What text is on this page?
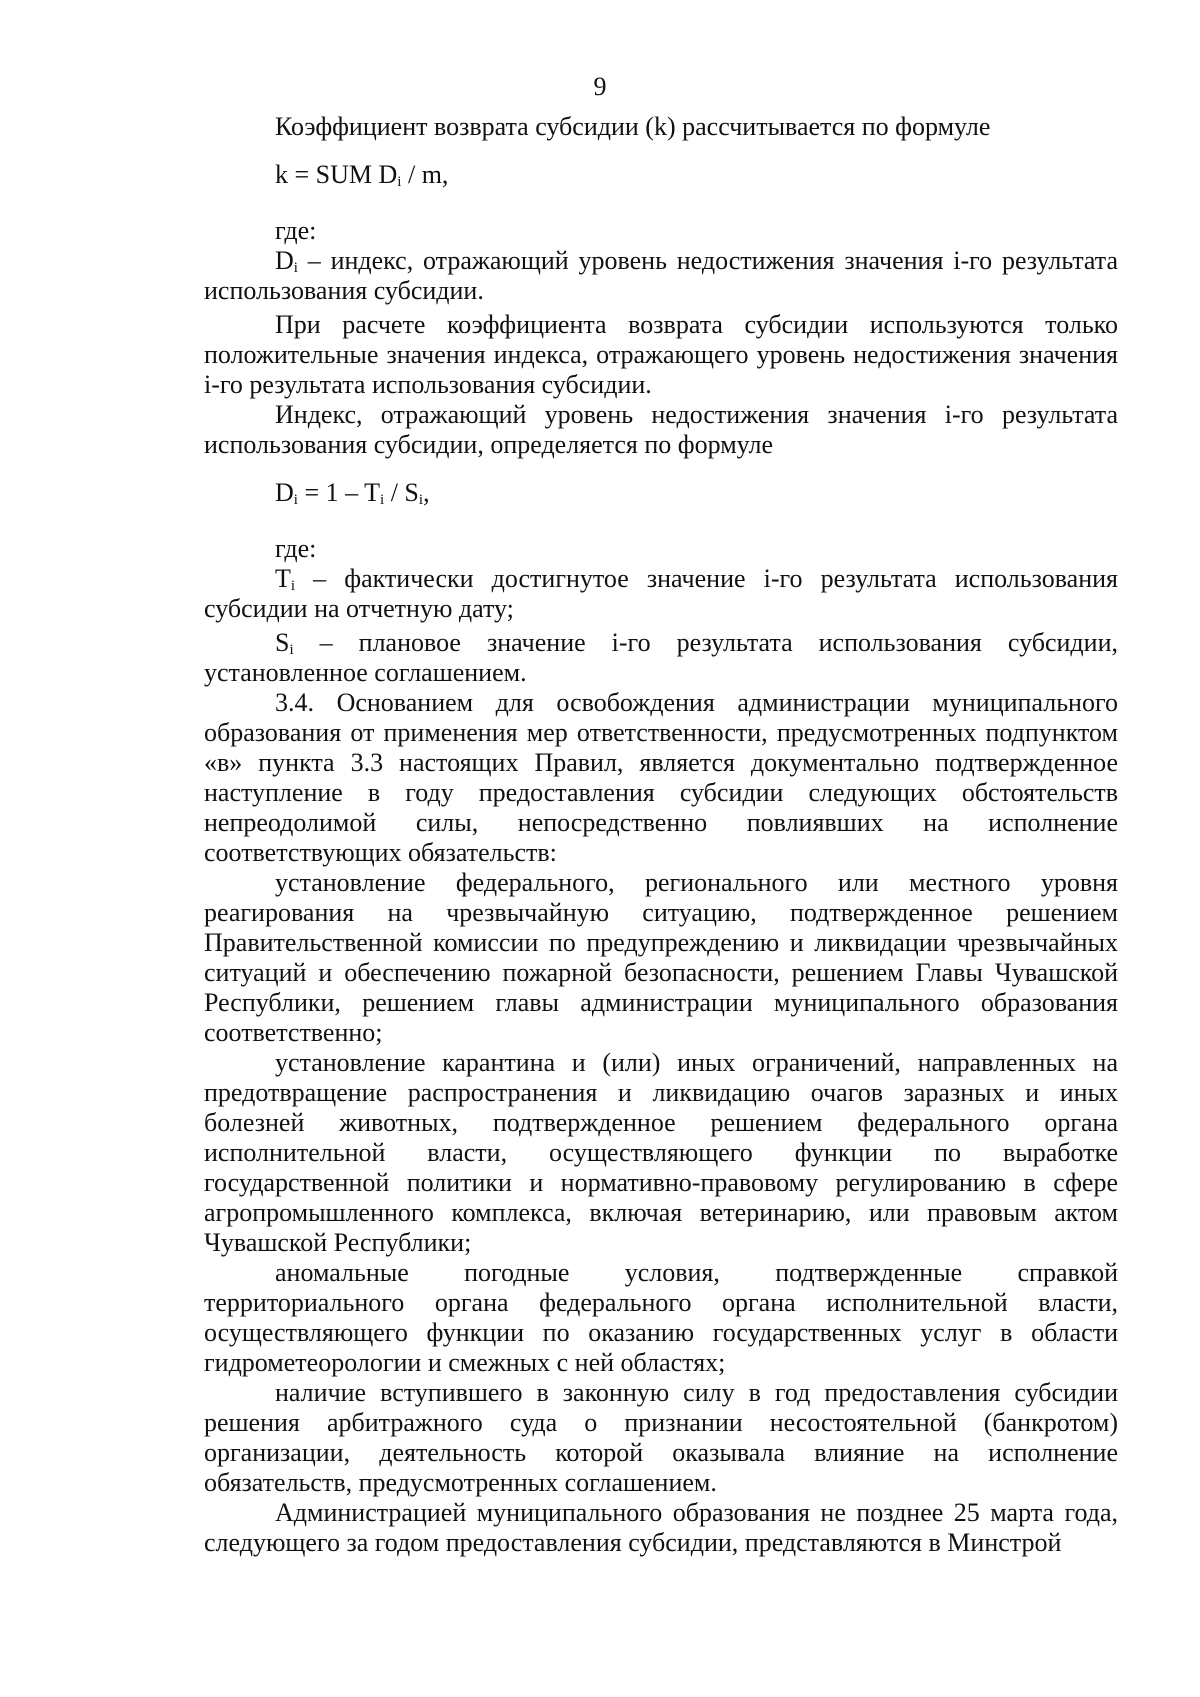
9

Коэффициент возврата субсидии (k) рассчитывается по формуле

k = SUM $D_i$ / m,

где:

$D_i$ – индекс, отражающий уровень недостижения значения i-го результата использования субсидии.

При расчете коэффициента возврата субсидии используются только положительные значения индекса, отражающего уровень недостижения значения i-го результата использования субсидии.

Индекс, отражающий уровень недостижения значения i-го результата использования субсидии, определяется по формуле

$D_i = 1 - T_i / S_i$,

где:

$T_i$ – фактически достигнутое значение i-го результата использования субсидии на отчетную дату;

$S_i$ – плановое значение i-го результата использования субсидии, установленное соглашением.

3.4. Основанием для освобождения администрации муниципального образования от применения мер ответственности, предусмотренных подпунктом «в» пункта 3.3 настоящих Правил, является документально подтвержденное наступление в году предоставления субсидии следующих обстоятельств непреодолимой силы, непосредственно повлиявших на исполнение соответствующих обязательств:

установление федерального, регионального или местного уровня реагирования на чрезвычайную ситуацию, подтвержденное решением Правительственной комиссии по предупреждению и ликвидации чрезвычайных ситуаций и обеспечению пожарной безопасности, решением Главы Чувашской Республики, решением главы администрации муниципального образования соответственно;

установление карантина и (или) иных ограничений, направленных на предотвращение распространения и ликвидацию очагов заразных и иных болезней животных, подтвержденное решением федерального органа исполнительной власти, осуществляющего функции по выработке государственной политики и нормативно-правовому регулированию в сфере агропромышленного комплекса, включая ветеринарию, или правовым актом Чувашской Республики;

аномальные погодные условия, подтвержденные справкой территориального органа федерального органа исполнительной власти, осуществляющего функции по оказанию государственных услуг в области гидрометеорологии и смежных с ней областях;

наличие вступившего в законную силу в год предоставления субсидии решения арбитражного суда о признании несостоятельной (банкротом) организации, деятельность которой оказывала влияние на исполнение обязательств, предусмотренных соглашением.

Администрацией муниципального образования не позднее 25 марта года, следующего за годом предоставления субсидии, представляются в Минстрой
